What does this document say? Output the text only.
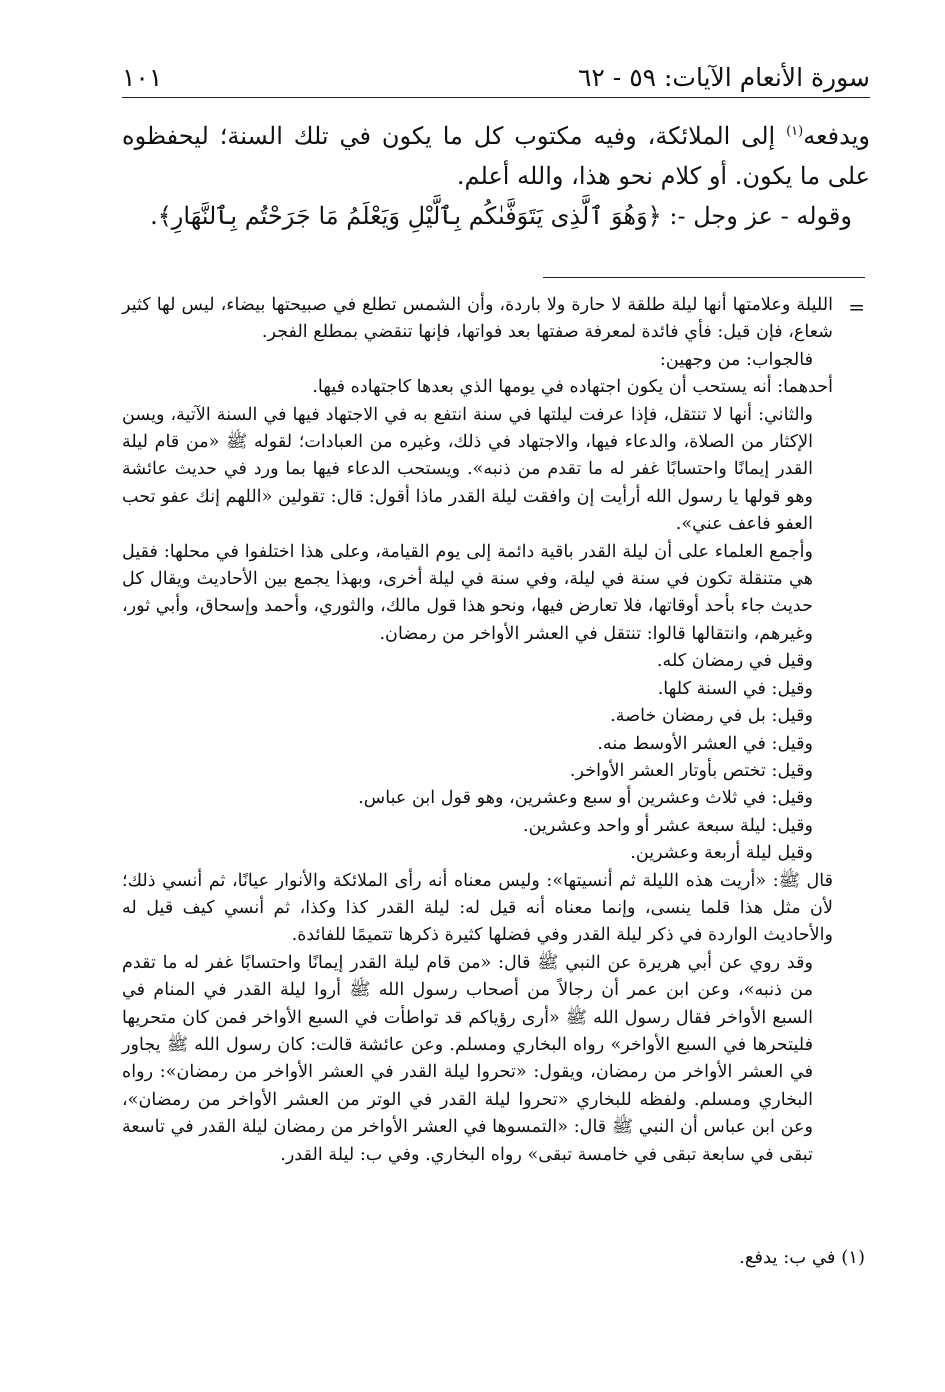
سورة الأنعام الآيات: ٥٩ - ٦٢
١٠١

ويدفعه$^{(١)}$ إلى الملائكة، وفيه مكتوب كل ما يكون في تلك السنة؛ ليحفظوه على ما يكون. أو كلام نحو هذا، والله أعلم.

وقوله - عز وجل -: ﴿وَهُوَ ٱلَّذِى يَتَوَفَّىٰكُم بِٱلَّيْلِ وَيَعْلَمُ مَا جَرَحْتُم بِٱلنَّهَارِ﴾.

=

الليلة وعلامتها أنها ليلة طلقة لا حارة ولا باردة، وأن الشمس تطلع في صبيحتها بيضاء، ليس لها كثير شعاع، فإن قيل: فأي فائدة لمعرفة صفتها بعد فواتها، فإنها تنقضي بمطلع الفجر.

فالجواب: من وجهين:

أحدهما: أنه يستحب أن يكون اجتهاده في يومها الذي بعدها كاجتهاده فيها.

والثاني: أنها لا تنتقل، فإذا عرفت ليلتها في سنة انتفع به في الاجتهاد فيها في السنة الآتية، ويسن الإكثار من الصلاة، والدعاء فيها، والاجتهاد في ذلك، وغيره من العبادات؛ لقوله ﷺ «من قام ليلة القدر إيمانًا واحتسابًا غفر له ما تقدم من ذنبه». ويستحب الدعاء فيها بما ورد في حديث عائشة وهو قولها يا رسول الله أرأيت إن وافقت ليلة القدر ماذا أقول: قال: تقولين «اللهم إنك عفو تحب العفو فاعف عني».

وأجمع العلماء على أن ليلة القدر باقية دائمة إلى يوم القيامة، وعلى هذا اختلفوا في محلها: فقيل هي متنقلة تكون في سنة في ليلة، وفي سنة في ليلة أخرى، وبهذا يجمع بين الأحاديث ويقال كل حديث جاء بأحد أوقاتها، فلا تعارض فيها، ونحو هذا قول مالك، والثوري، وأحمد وإسحاق، وأبي ثور، وغيرهم، وانتقالها قالوا: تنتقل في العشر الأواخر من رمضان.

وقيل في رمضان كله.

وقيل: في السنة كلها.

وقيل: بل في رمضان خاصة.

وقيل: في العشر الأوسط منه.

وقيل: تختص بأوتار العشر الأواخر.

وقيل: في ثلاث وعشرين أو سبع وعشرين، وهو قول ابن عباس.

وقيل: ليلة سبعة عشر أو واحد وعشرين.

وقيل ليلة أربعة وعشرين.

قال ﷺ: «أريت هذه الليلة ثم أنسيتها»: وليس معناه أنه رأى الملائكة والأنوار عيانًا، ثم أنسي ذلك؛ لأن مثل هذا قلما ينسى، وإنما معناه أنه قيل له: ليلة القدر كذا وكذا، ثم أنسي كيف قيل له والأحاديث الواردة في ذكر ليلة القدر وفي فضلها كثيرة ذكرها تتميمًا للفائدة.

وقد روي عن أبي هريرة عن النبي ﷺ قال: «من قام ليلة القدر إيمانًا واحتسابًا غفر له ما تقدم من ذنبه»، وعن ابن عمر أن رجالاً من أصحاب رسول الله ﷺ أروا ليلة القدر في المنام في السبع الأواخر فقال رسول الله ﷺ «أرى رؤياكم قد تواطأت في السبع الأواخر فمن كان متحريها فليتحرها في السبع الأواخر» رواه البخاري ومسلم. وعن عائشة قالت: كان رسول الله ﷺ يجاور في العشر الأواخر من رمضان، ويقول: «تحروا ليلة القدر في العشر الأواخر من رمضان»: رواه البخاري ومسلم. ولفظه للبخاري «تحروا ليلة القدر في الوتر من العشر الأواخر من رمضان»، وعن ابن عباس أن النبي ﷺ قال: «التمسوها في العشر الأواخر من رمضان ليلة القدر في تاسعة تبقى في سابعة تبقى في خامسة تبقى» رواه البخاري. وفي ب: ليلة القدر.

(١) في ب: يدفع.
